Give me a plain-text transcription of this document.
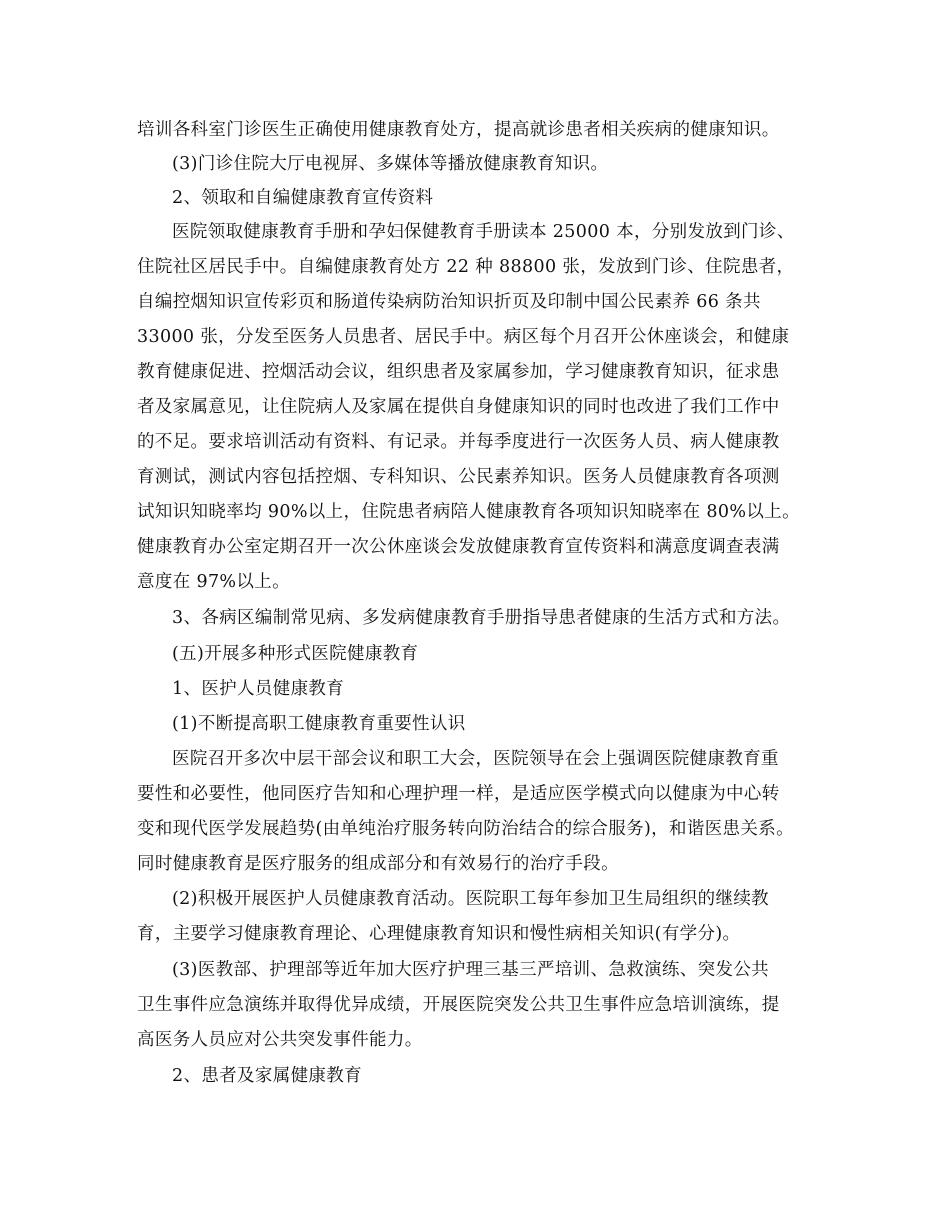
培训各科室门诊医生正确使用健康教育处方，提高就诊患者相关疾病的健康知识。
(3)门诊住院大厅电视屏、多媒体等播放健康教育知识。
2、领取和自编健康教育宣传资料
医院领取健康教育手册和孕妇保健教育手册读本 25000 本，分别发放到门诊、
住院社区居民手中。自编健康教育处方 22 种 88800 张，发放到门诊、住院患者，
自编控烟知识宣传彩页和肠道传染病防治知识折页及印制中国公民素养 66 条共
33000 张，分发至医务人员患者、居民手中。病区每个月召开公休座谈会，和健康
教育健康促进、控烟活动会议，组织患者及家属参加，学习健康教育知识，征求患
者及家属意见，让住院病人及家属在提供自身健康知识的同时也改进了我们工作中
的不足。要求培训活动有资料、有记录。并每季度进行一次医务人员、病人健康教
育测试，测试内容包括控烟、专科知识、公民素养知识。医务人员健康教育各项测
试知识知晓率均 90%以上，住院患者病陪人健康教育各项知识知晓率在 80%以上。
健康教育办公室定期召开一次公休座谈会发放健康教育宣传资料和满意度调查表满
意度在 97%以上。
3、各病区编制常见病、多发病健康教育手册指导患者健康的生活方式和方法。
(五)开展多种形式医院健康教育
1、医护人员健康教育
(1)不断提高职工健康教育重要性认识
医院召开多次中层干部会议和职工大会，医院领导在会上强调医院健康教育重
要性和必要性，他同医疗告知和心理护理一样，是适应医学模式向以健康为中心转
变和现代医学发展趋势(由单纯治疗服务转向防治结合的综合服务)，和谐医患关系。
同时健康教育是医疗服务的组成部分和有效易行的治疗手段。
(2)积极开展医护人员健康教育活动。医院职工每年参加卫生局组织的继续教
育，主要学习健康教育理论、心理健康教育知识和慢性病相关知识(有学分)。
(3)医教部、护理部等近年加大医疗护理三基三严培训、急救演练、突发公共
卫生事件应急演练并取得优异成绩，开展医院突发公共卫生事件应急培训演练，提
高医务人员应对公共突发事件能力。
2、患者及家属健康教育
